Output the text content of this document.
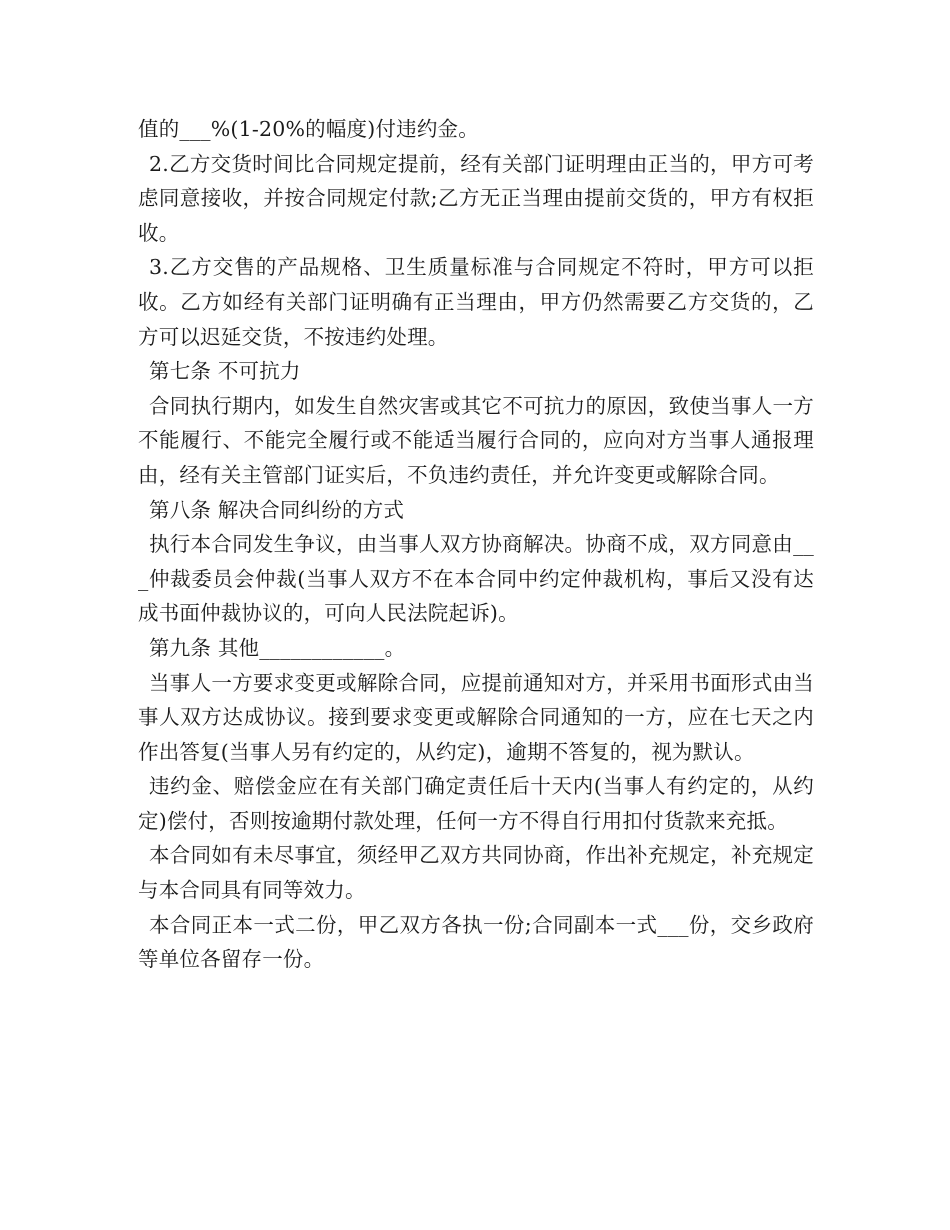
值的___%(1-20%的幅度)付违约金。

2.乙方交货时间比合同规定提前，经有关部门证明理由正当的，甲方可考虑同意接收，并按合同规定付款;乙方无正当理由提前交货的，甲方有权拒收。

3.乙方交售的产品规格、卫生质量标准与合同规定不符时，甲方可以拒收。乙方如经有关部门证明确有正当理由，甲方仍然需要乙方交货的，乙方可以迟延交货，不按违约处理。

第七条 不可抗力

合同执行期内，如发生自然灾害或其它不可抗力的原因，致使当事人一方不能履行、不能完全履行或不能适当履行合同的，应向对方当事人通报理由，经有关主管部门证实后，不负违约责任，并允许变更或解除合同。

第八条 解决合同纠纷的方式

执行本合同发生争议，由当事人双方协商解决。协商不成，双方同意由___仲裁委员会仲裁(当事人双方不在本合同中约定仲裁机构，事后又没有达成书面仲裁协议的，可向人民法院起诉)。

第九条 其他____________。

当事人一方要求变更或解除合同，应提前通知对方，并采用书面形式由当事人双方达成协议。接到要求变更或解除合同通知的一方，应在七天之内作出答复(当事人另有约定的，从约定)，逾期不答复的，视为默认。

违约金、赔偿金应在有关部门确定责任后十天内(当事人有约定的，从约定)偿付，否则按逾期付款处理，任何一方不得自行用扣付货款来充抵。

本合同如有未尽事宜，须经甲乙双方共同协商，作出补充规定，补充规定与本合同具有同等效力。

本合同正本一式二份，甲乙双方各执一份;合同副本一式___份，交乡政府等单位各留存一份。
